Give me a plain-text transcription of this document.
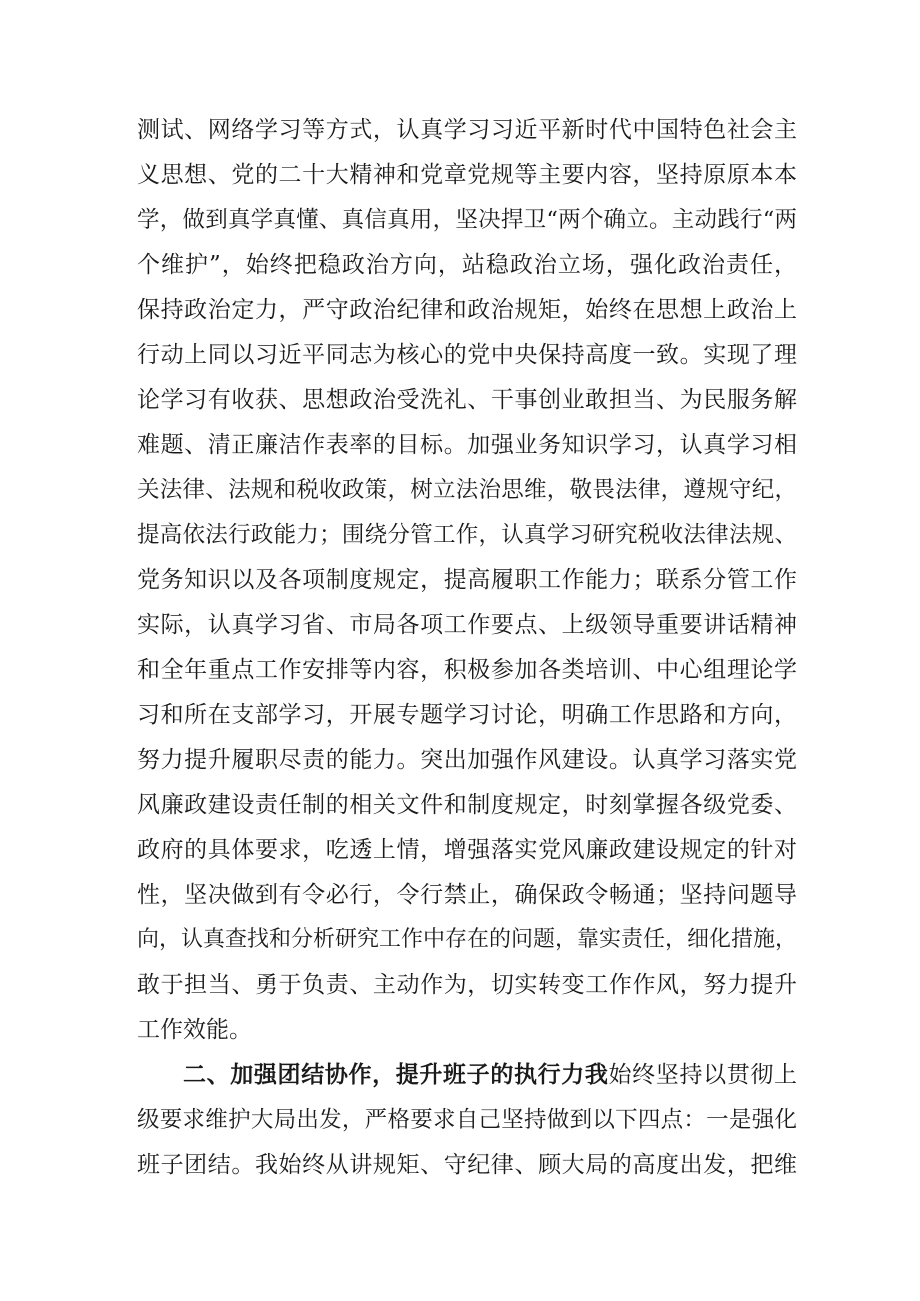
测试、网络学习等方式，认真学习习近平新时代中国特色社会主
义思想、党的二十大精神和党章党规等主要内容，坚持原原本本
学，做到真学真懂、真信真用，坚决捍卫“两个确立。主动践行“两
个维护”，始终把稳政治方向，站稳政治立场，强化政治责任，
保持政治定力，严守政治纪律和政治规矩，始终在思想上政治上
行动上同以习近平同志为核心的党中央保持高度一致。实现了理
论学习有收获、思想政治受洗礼、干事创业敢担当、为民服务解
难题、清正廉洁作表率的目标。加强业务知识学习，认真学习相
关法律、法规和税收政策，树立法治思维，敬畏法律，遵规守纪，
提高依法行政能力；围绕分管工作，认真学习研究税收法律法规、
党务知识以及各项制度规定，提高履职工作能力；联系分管工作
实际，认真学习省、市局各项工作要点、上级领导重要讲话精神
和全年重点工作安排等内容，积极参加各类培训、中心组理论学
习和所在支部学习，开展专题学习讨论，明确工作思路和方向，
努力提升履职尽责的能力。突出加强作风建设。认真学习落实党
风廉政建设责任制的相关文件和制度规定，时刻掌握各级党委、
政府的具体要求，吃透上情，增强落实党风廉政建设规定的针对
性，坚决做到有令必行，令行禁止，确保政令畅通；坚持问题导
向，认真查找和分析研究工作中存在的问题，靠实责任，细化措施，
敢于担当、勇于负责、主动作为，切实转变工作作风，努力提升
工作效能。
二、加强团结协作，提升班子的执行力我始终坚持以贯彻上
级要求维护大局出发，严格要求自己坚持做到以下四点：一是强化
班子团结。我始终从讲规矩、守纪律、顾大局的高度出发，把维
